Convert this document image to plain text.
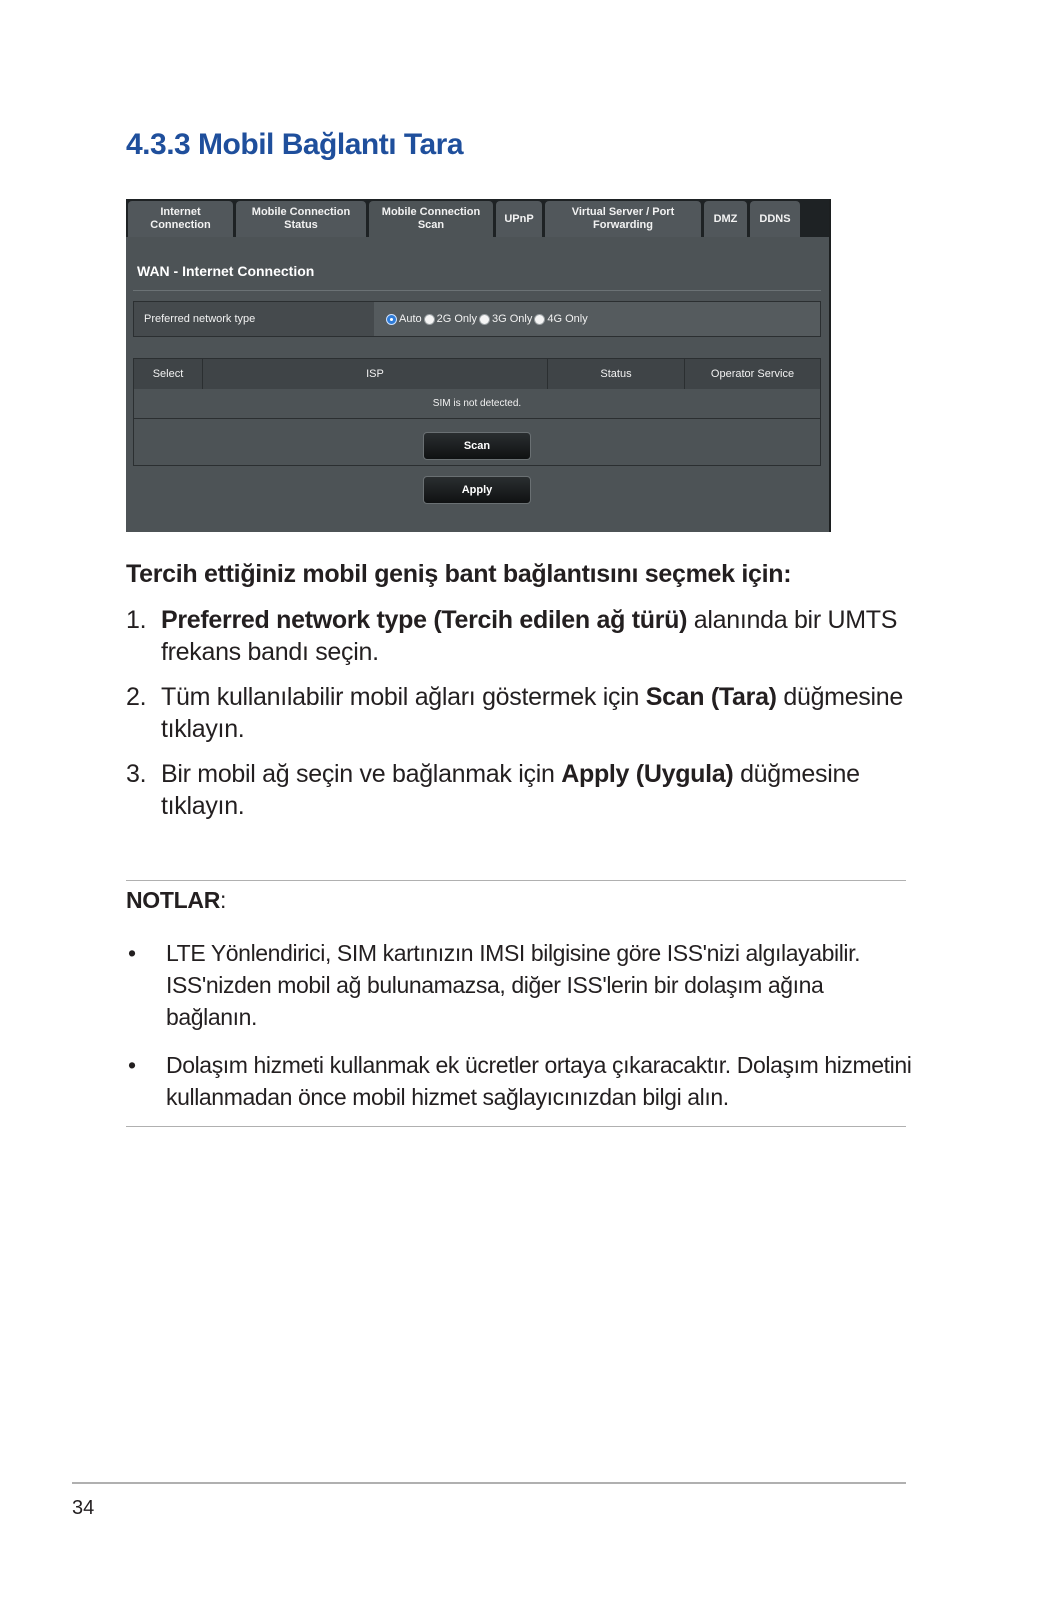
4.3.3 Mobil Bağlantı Tara
Internet
Connection
Mobile Connection
Status
Mobile Connection
Scan
UPnP
Virtual Server / Port
Forwarding
DMZ	DDNS
WAN - Internet Connection
Preferred network type	Auto 2G Only 3G Only 4G Only
Select	ISP	Status	Operator Service
SIM is not detected.
Scan
Apply

Tercih ettiğiniz mobil geniş bant bağlantısını seçmek için:

1. Preferred network type (Tercih edilen ağ türü) alanında bir UMTS frekans bandı seçin.
2. Tüm kullanılabilir mobil ağları göstermek için Scan (Tara) düğmesine tıklayın.
3. Bir mobil ağ seçin ve bağlanmak için Apply (Uygula) düğmesine tıklayın.
NOTLAR:
• LTE Yönlendirici, SIM kartınızın IMSI bilgisine göre ISS'nizi algılayabilir. ISS'nizden mobil ağ bulunamazsa, diğer ISS'lerin bir dolaşım ağına bağlanın.
• Dolaşım hizmeti kullanmak ek ücretler ortaya çıkaracaktır. Dolaşım hizmetini kullanmadan önce mobil hizmet sağlayıcınızdan bilgi alın.
34
